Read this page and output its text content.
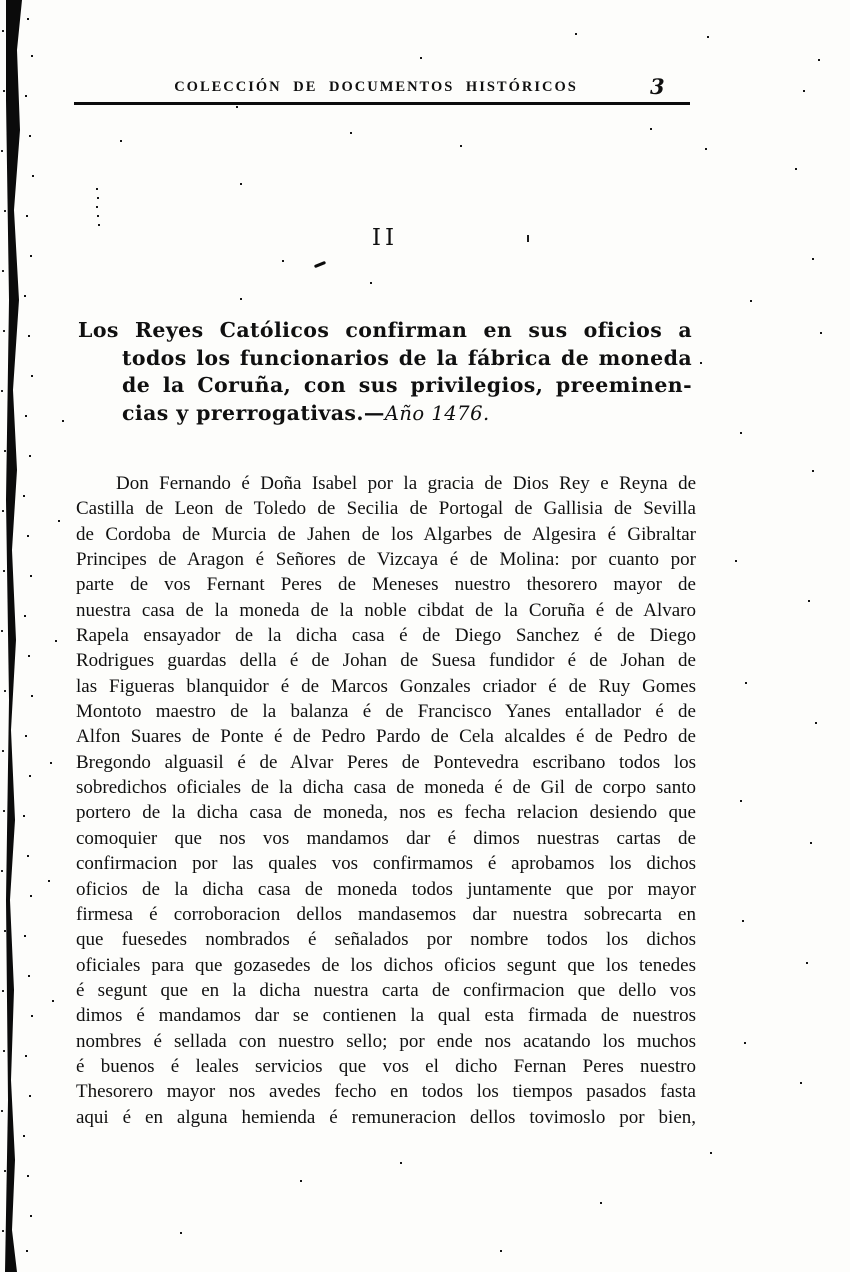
COLECCIÓN DE DOCUMENTOS HISTÓRICOS	3
II
Los Reyes Católicos confirman en sus oficios a
todos los funcionarios de la fábrica de moneda
de la Coruña, con sus privilegios, preeminen-
cias y prerrogativas.—Año 1476.
Don Fernando é Doña Isabel por la gracia de Dios Rey e Reyna de
Castilla de Leon de Toledo de Secilia de Portogal de Gallisia de Sevilla
de Cordoba de Murcia de Jahen de los Algarbes de Algesira é Gibraltar
Principes de Aragon é Señores de Vizcaya é de Molina: por cuanto por
parte de vos Fernant Peres de Meneses nuestro thesorero mayor de
nuestra casa de la moneda de la noble cibdat de la Coruña é de Alvaro
Rapela ensayador de la dicha casa é de Diego Sanchez é de Diego
Rodrigues guardas della é de Johan de Suesa fundidor é de Johan de
las Figueras blanquidor é de Marcos Gonzales criador é de Ruy Gomes
Montoto maestro de la balanza é de Francisco Yanes entallador é de
Alfon Suares de Ponte é de Pedro Pardo de Cela alcaldes é de Pedro de
Bregondo alguasil é de Alvar Peres de Pontevedra escribano todos los
sobredichos oficiales de la dicha casa de moneda é de Gil de corpo santo
portero de la dicha casa de moneda, nos es fecha relacion desiendo que
comoquier que nos vos mandamos dar é dimos nuestras cartas de
confirmacion por las quales vos confirmamos é aprobamos los dichos
oficios de la dicha casa de moneda todos juntamente que por mayor
firmesa é corroboracion dellos mandasemos dar nuestra sobrecarta en
que fuesedes nombrados é señalados por nombre todos los dichos
oficiales para que gozasedes de los dichos oficios segunt que los tenedes
é segunt que en la dicha nuestra carta de confirmacion que dello vos
dimos é mandamos dar se contienen la qual esta firmada de nuestros
nombres é sellada con nuestro sello; por ende nos acatando los muchos
é buenos é leales servicios que vos el dicho Fernan Peres nuestro
Thesorero mayor nos avedes fecho en todos los tiempos pasados fasta
aqui é en alguna hemienda é remuneracion dellos tovimoslo por bien,
